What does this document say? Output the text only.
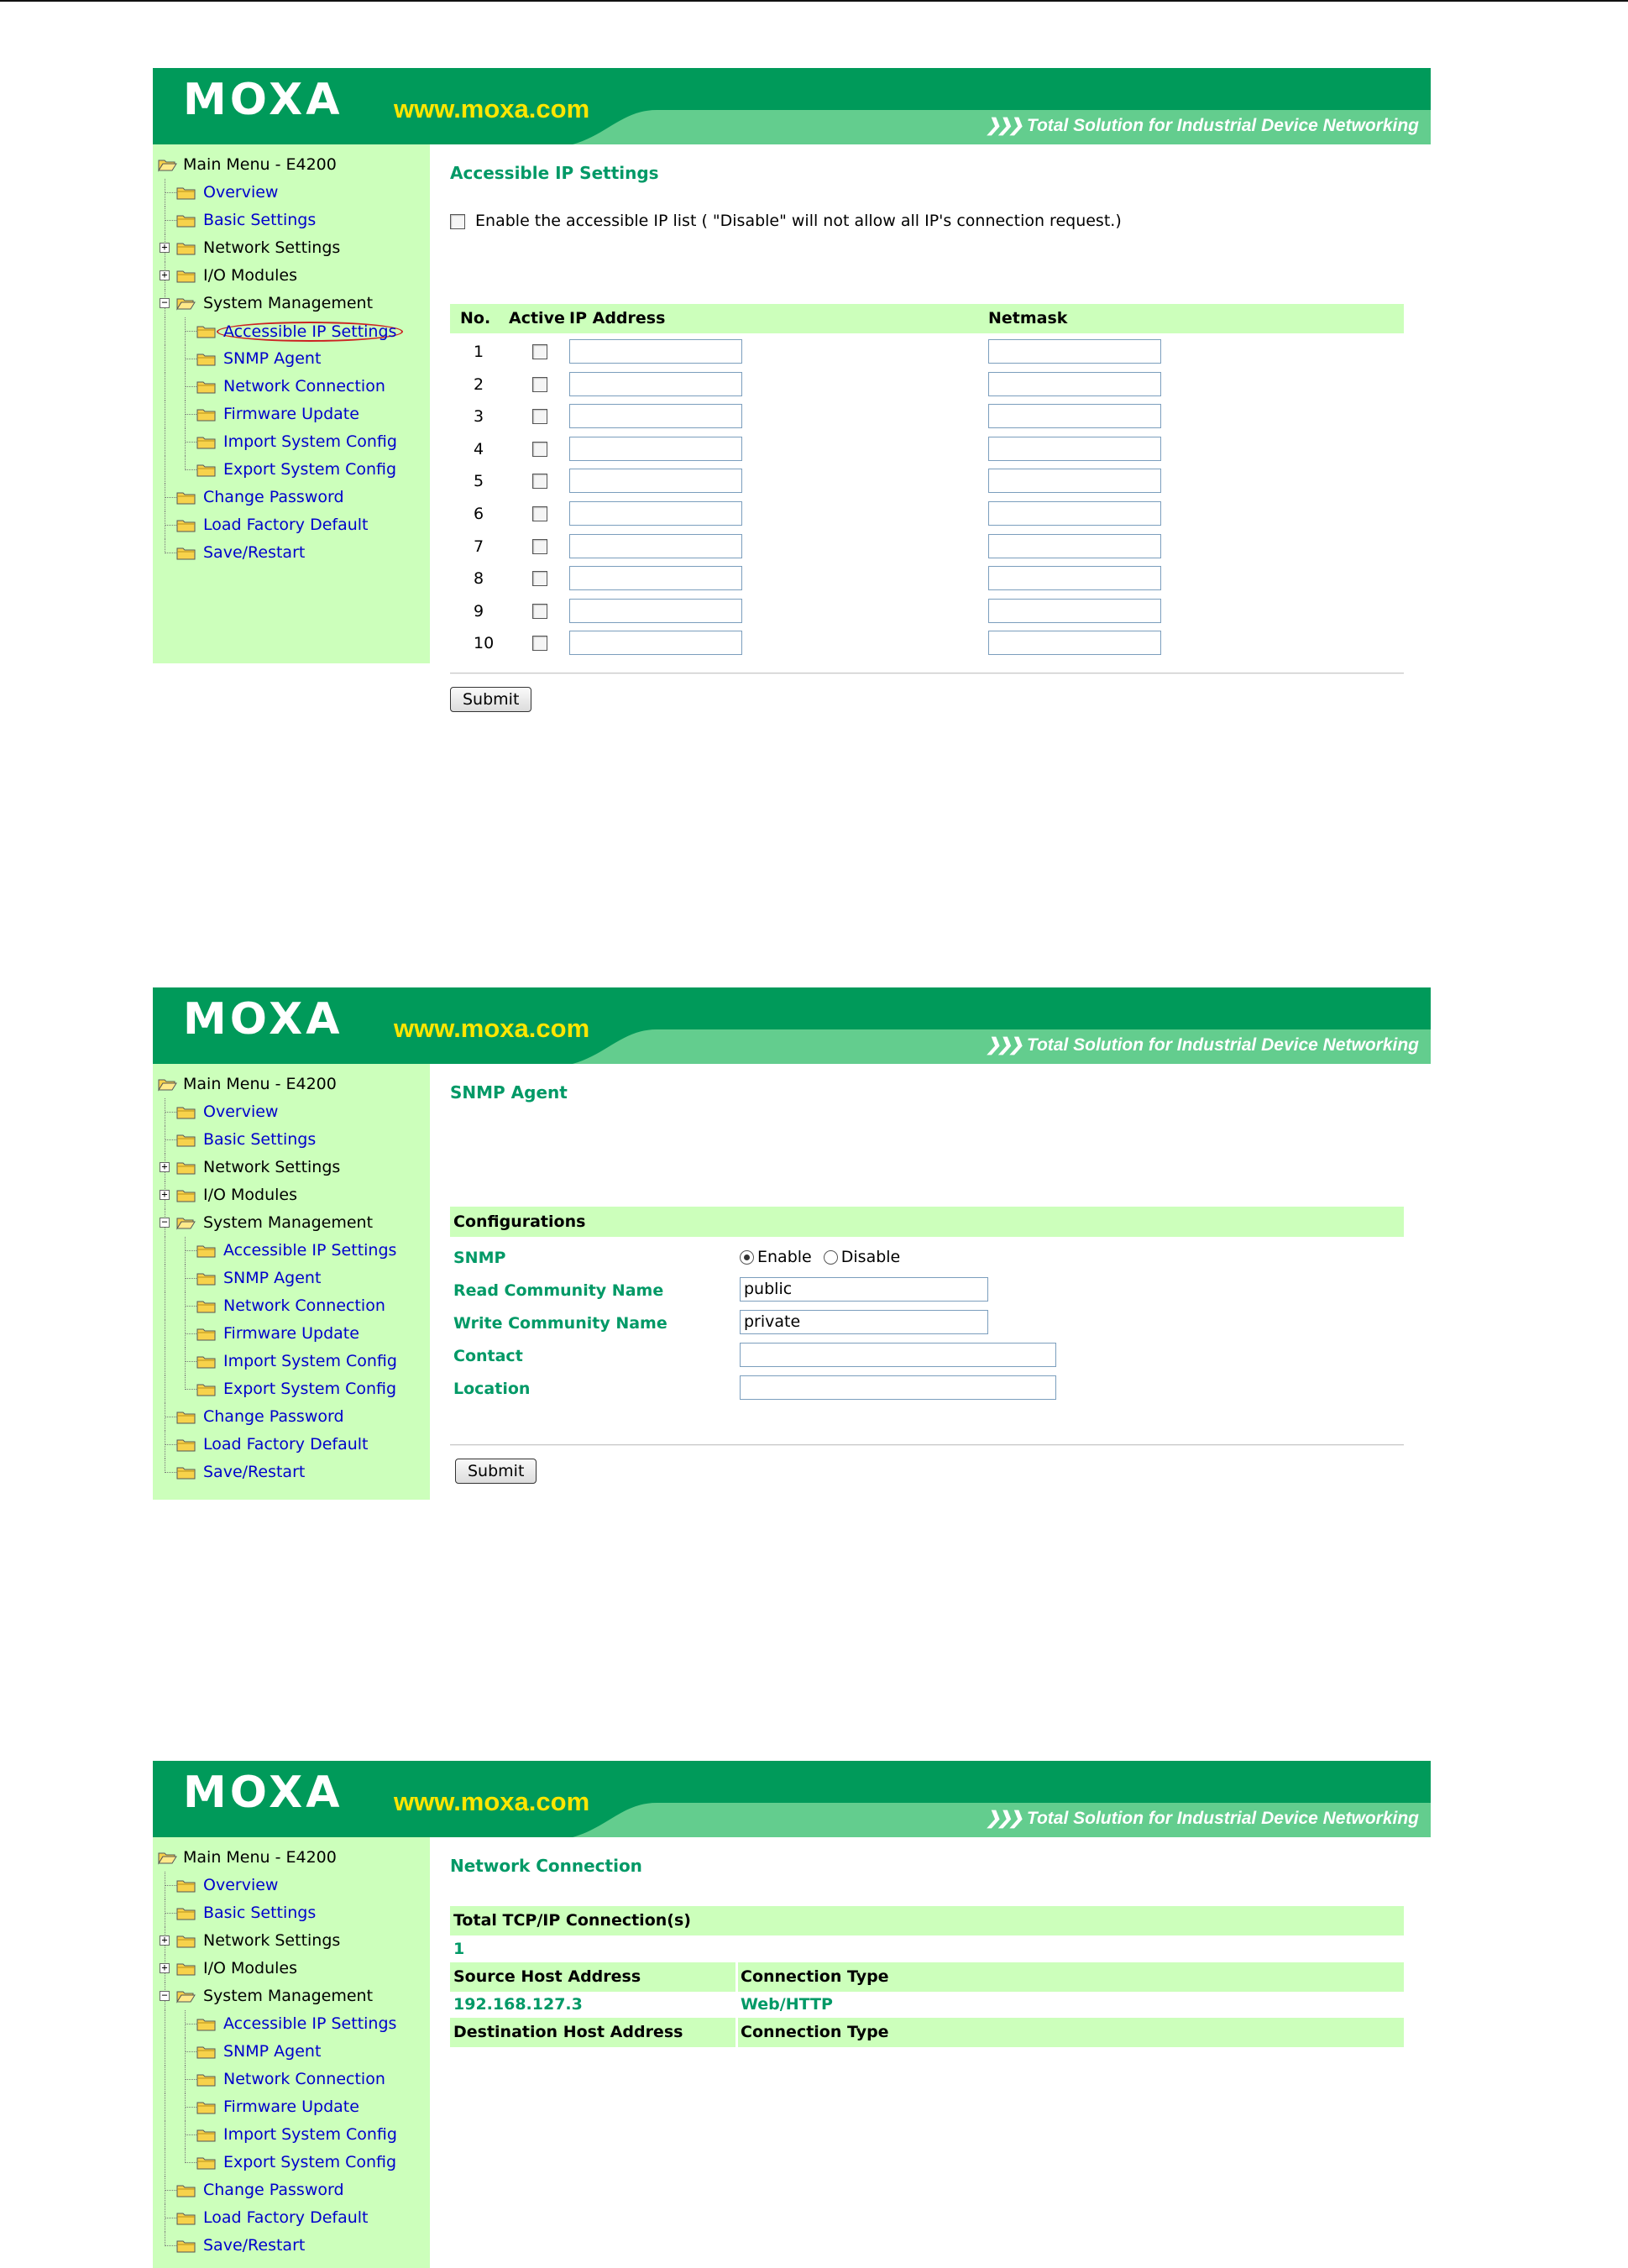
MOXA www.moxa.com
❯❯❯ Total Solution for Industrial Device Networking
Main Menu - E4200
Overview
Basic Settings
+ Network Settings
+ I/O Modules
− System Management
Accessible IP Settings
SNMP Agent
Network Connection
Firmware Update
Import System Config
Export System Config
Change Password
Load Factory Default
Save/Restart
Accessible IP Settings
Enable the accessible IP list ( "Disable" will not allow all IP's connection request.)
No. Active IP Address	Netmask
1
2
3
4
5
6
7
8
9
10
Submit
MOXA www.moxa.com
❯❯❯ Total Solution for Industrial Device Networking
Main Menu - E4200
Overview
Basic Settings
+ Network Settings
+ I/O Modules
− System Management
Accessible IP Settings
SNMP Agent
Network Connection
Firmware Update
Import System Config
Export System Config
Change Password
Load Factory Default
Save/Restart
SNMP Agent
Configurations
SNMP	Enable Disable
Read Community Name	public
Write Community Name	private
Contact
Location
Submit
MOXA www.moxa.com
❯❯❯ Total Solution for Industrial Device Networking
Main Menu - E4200
Overview
Basic Settings
+ Network Settings
+ I/O Modules
− System Management
Accessible IP Settings
SNMP Agent
Network Connection
Firmware Update
Import System Config
Export System Config
Change Password
Load Factory Default
Save/Restart
Network Connection
Total TCP/IP Connection(s)
1
Source Host Address	Connection Type
192.168.127.3	Web/HTTP
Destination Host Address	Connection Type
